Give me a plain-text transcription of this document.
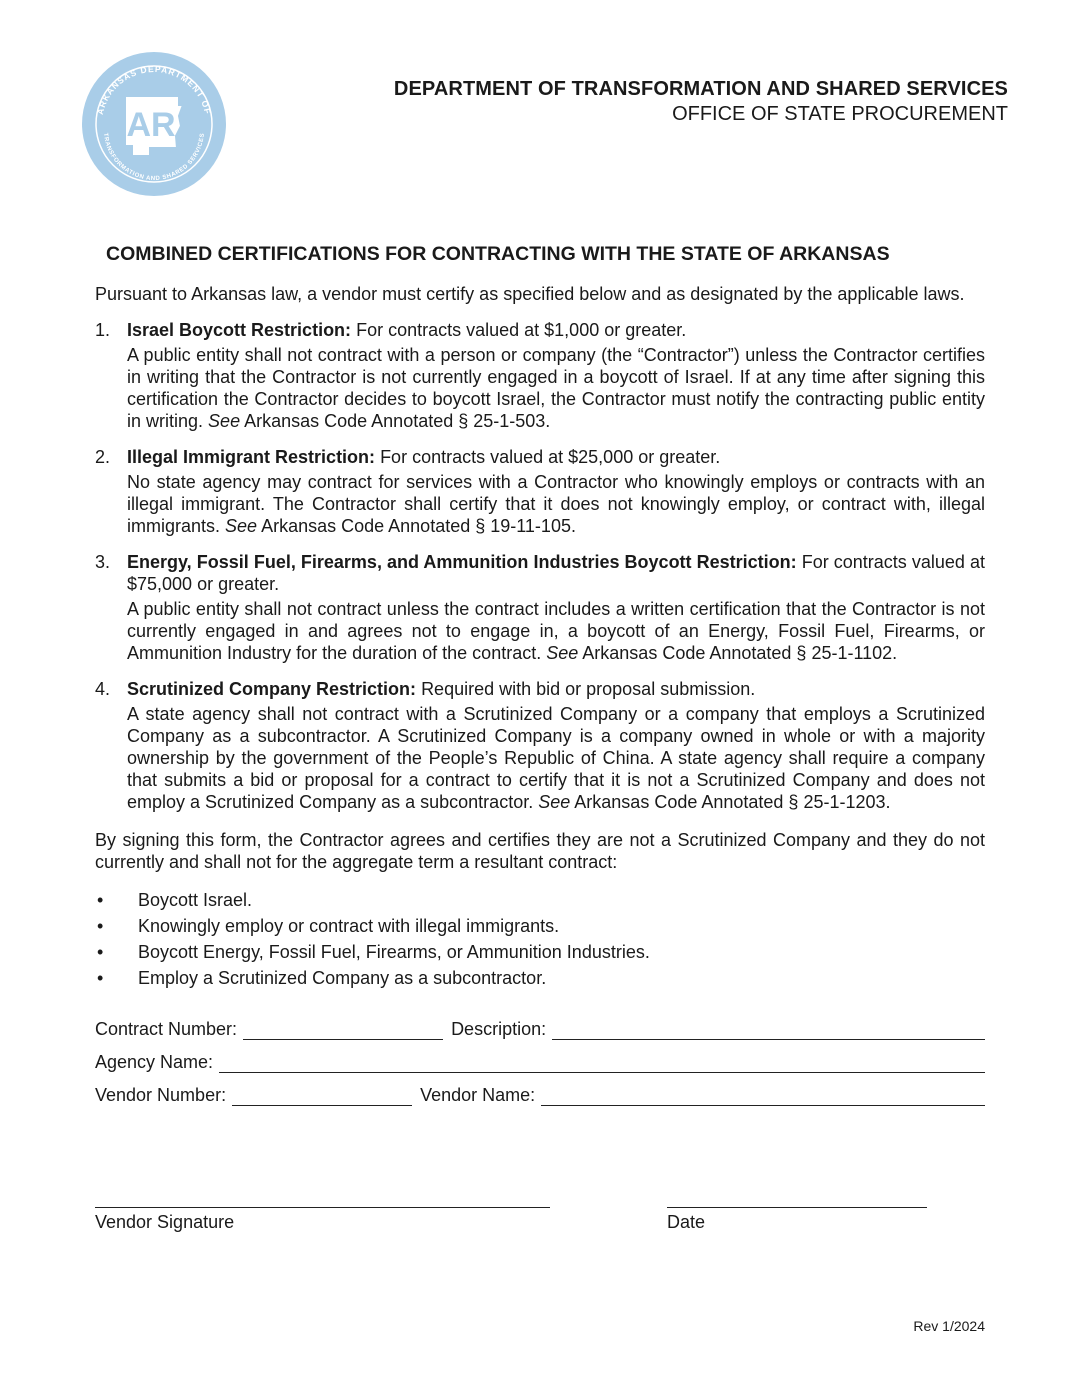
ARKANSAS DEPARTMENT OF
TRANSFORMATION AND SHARED SERVICES
AR
DEPARTMENT OF TRANSFORMATION AND SHARED SERVICES
OFFICE OF STATE PROCUREMENT
COMBINED CERTIFICATIONS FOR CONTRACTING WITH THE STATE OF ARKANSAS

Pursuant to Arkansas law, a vendor must certify as specified below and as designated by the applicable laws.

1. Israel Boycott Restriction: For contracts valued at $1,000 or greater.

A public entity shall not contract with a person or company (the “Contractor”) unless the Contractor certifies in writing that the Contractor is not currently engaged in a boycott of Israel. If at any time after signing this certification the Contractor decides to boycott Israel, the Contractor must notify the contracting public entity in writing. See Arkansas Code Annotated § 25-1-503.

2. Illegal Immigrant Restriction: For contracts valued at $25,000 or greater.

No state agency may contract for services with a Contractor who knowingly employs or contracts with an illegal immigrant. The Contractor shall certify that it does not knowingly employ, or contract with, illegal immigrants. See Arkansas Code Annotated § 19-11-105.

3. Energy, Fossil Fuel, Firearms, and Ammunition Industries Boycott Restriction: For contracts valued at $75,000 or greater.

A public entity shall not contract unless the contract includes a written certification that the Contractor is not currently engaged in and agrees not to engage in, a boycott of an Energy, Fossil Fuel, Firearms, or Ammunition Industry for the duration of the contract. See Arkansas Code Annotated § 25-1-1102.

4. Scrutinized Company Restriction: Required with bid or proposal submission.

A state agency shall not contract with a Scrutinized Company or a company that employs a Scrutinized Company as a subcontractor. A Scrutinized Company is a company owned in whole or with a majority ownership by the government of the People’s Republic of China. A state agency shall require a company that submits a bid or proposal for a contract to certify that it is not a Scrutinized Company and does not employ a Scrutinized Company as a subcontractor. See Arkansas Code Annotated § 25-1-1203.

By signing this form, the Contractor agrees and certifies they are not a Scrutinized Company and they do not currently and shall not for the aggregate term a resultant contract:

• Boycott Israel.
• Knowingly employ or contract with illegal immigrants.
• Boycott Energy, Fossil Fuel, Firearms, or Ammunition Industries.
• Employ a Scrutinized Company as a subcontractor.
Contract Number:	Description:
Agency Name:
Vendor Number:	Vendor Name:
Vendor Signature	Date
Rev 1/2024
